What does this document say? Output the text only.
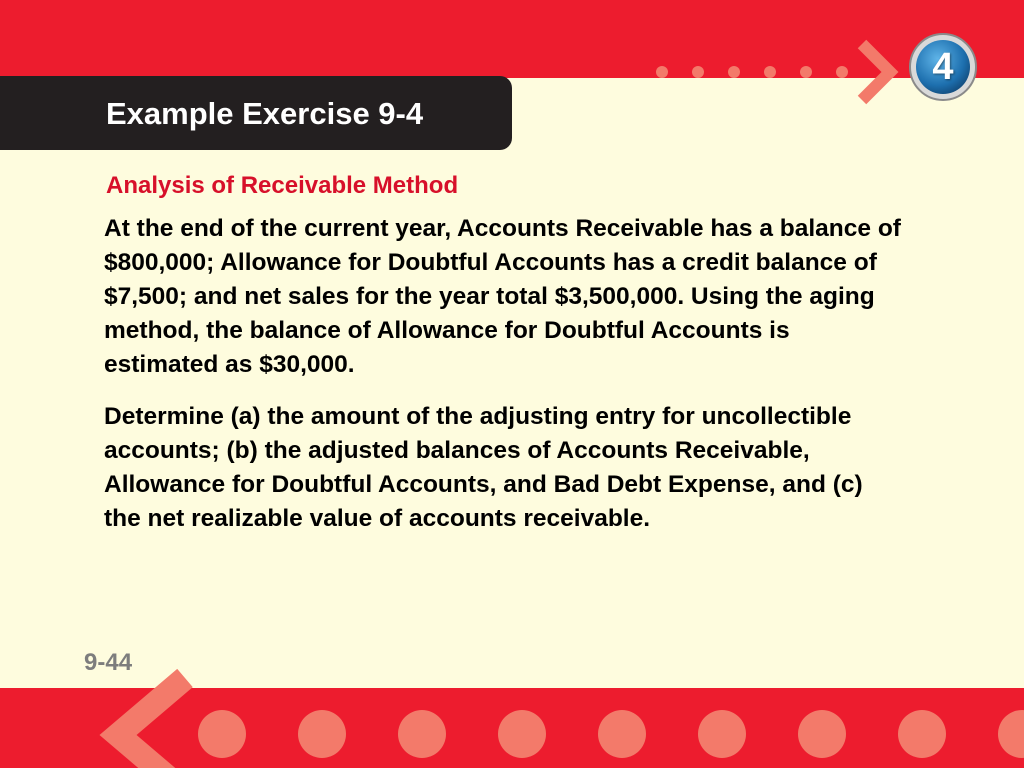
4
Example Exercise 9-4
Analysis of Receivable Method

At the end of the current year, Accounts Receivable has a balance of $800,000; Allowance for Doubtful Accounts has a credit balance of $7,500; and net sales for the year total $3,500,000. Using the aging method, the balance of Allowance for Doubtful Accounts is estimated as $30,000.

Determine (a) the amount of the adjusting entry for uncollectible accounts; (b) the adjusted balances of Accounts Receivable, Allowance for Doubtful Accounts, and Bad Debt Expense, and (c) the net realizable value of accounts receivable.

9-44
